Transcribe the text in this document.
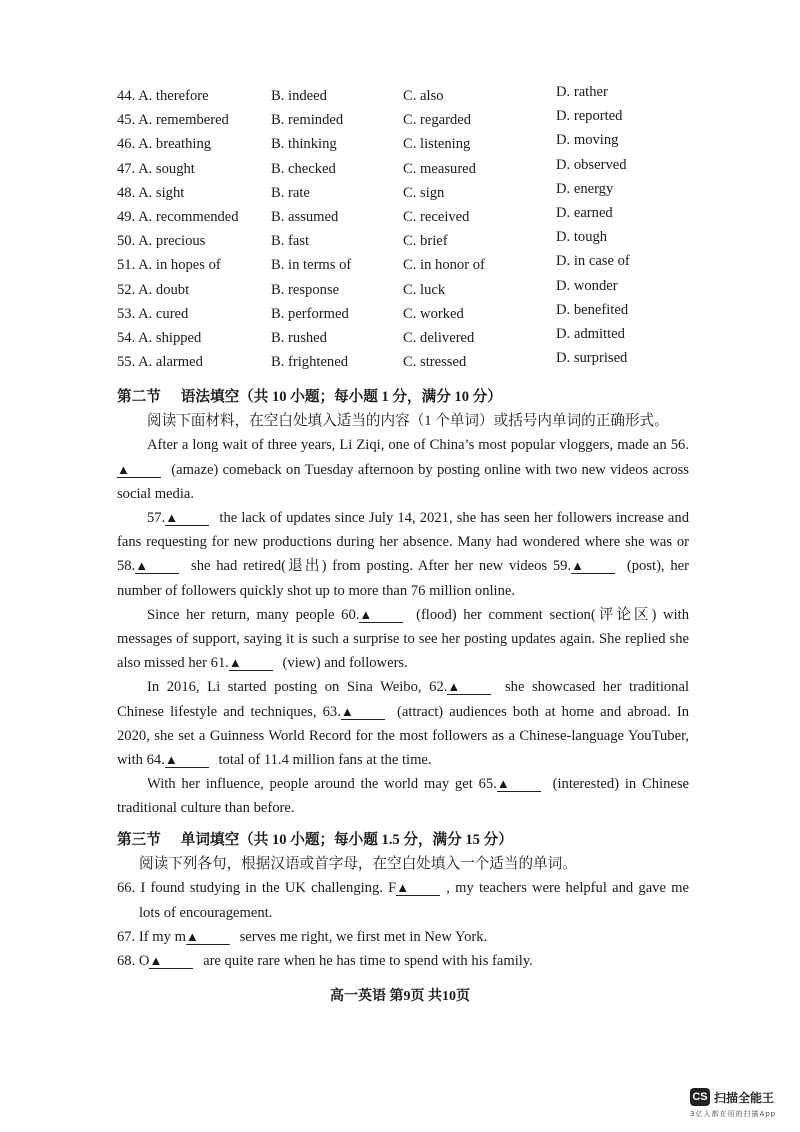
44. A. therefore	B. indeed	C. also	D. rather
45. A. remembered	B. reminded	C. regarded	D. reported
46. A. breathing	B. thinking	C. listening	D. moving
47. A. sought	B. checked	C. measured	D. observed
48. A. sight	B. rate	C. sign	D. energy
49. A. recommended B. assumed	C. received	D. earned
50. A. precious	B. fast	C. brief	D. tough
51. A. in hopes of	B. in terms of	C. in honor of	D. in case of
52. A. doubt	B. response	C. luck	D. wonder
53. A. cured	B. performed	C. worked	D. benefited
54. A. shipped	B. rushed	C. delivered	D. admitted
55. A. alarmed	B. frightened	C. stressed	D. surprised
第二节 语法填空（共 10 小题；每小题 1 分，满分 10 分）
阅读下面材料，在空白处填入适当的内容（1 个单词）或括号内单词的正确形式。
After a long wait of three years, Li Ziqi, one of China’s most popular vloggers, made an 56.▲	(amaze) comeback on Tuesday afternoon by posting online with two new videos across social media.
57.▲	the lack of updates since July 14, 2021, she has seen her followers increase and fans requesting for new productions during her absence. Many had wondered where she was or 58.▲	she had retired(退出) from posting. After her new videos 59.▲	(post), her number of followers quickly shot up to more than 76 million online.
Since her return, many people 60.▲	(flood) her comment section(评论区) with messages of support, saying it is such a surprise to see her posting updates again. She replied she also missed her 61.▲	(view) and followers.
In 2016, Li started posting on Sina Weibo, 62.▲	she showcased her traditional Chinese lifestyle and techniques, 63.▲	(attract) audiences both at home and abroad. In 2020, she set a Guinness World Record for the most followers as a Chinese-language YouTuber, with 64.▲	total of 11.4 million fans at the time.
With her influence, people around the world may get 65.▲	(interested) in Chinese traditional culture than before.
第三节 单词填空（共 10 小题；每小题 1.5 分，满分 15 分）
阅读下列各句，根据汉语或首字母，在空白处填入一个适当的单词。
66. I found studying in the UK challenging. F▲	, my teachers were helpful and gave me lots of encouragement.
67. If my m▲	serves me right, we first met in New York.
68. O▲	are quite rare when he has time to spend with his family.
高一英语 第9页 共10页
CS 扫描全能王
3亿人都在用的扫描App
